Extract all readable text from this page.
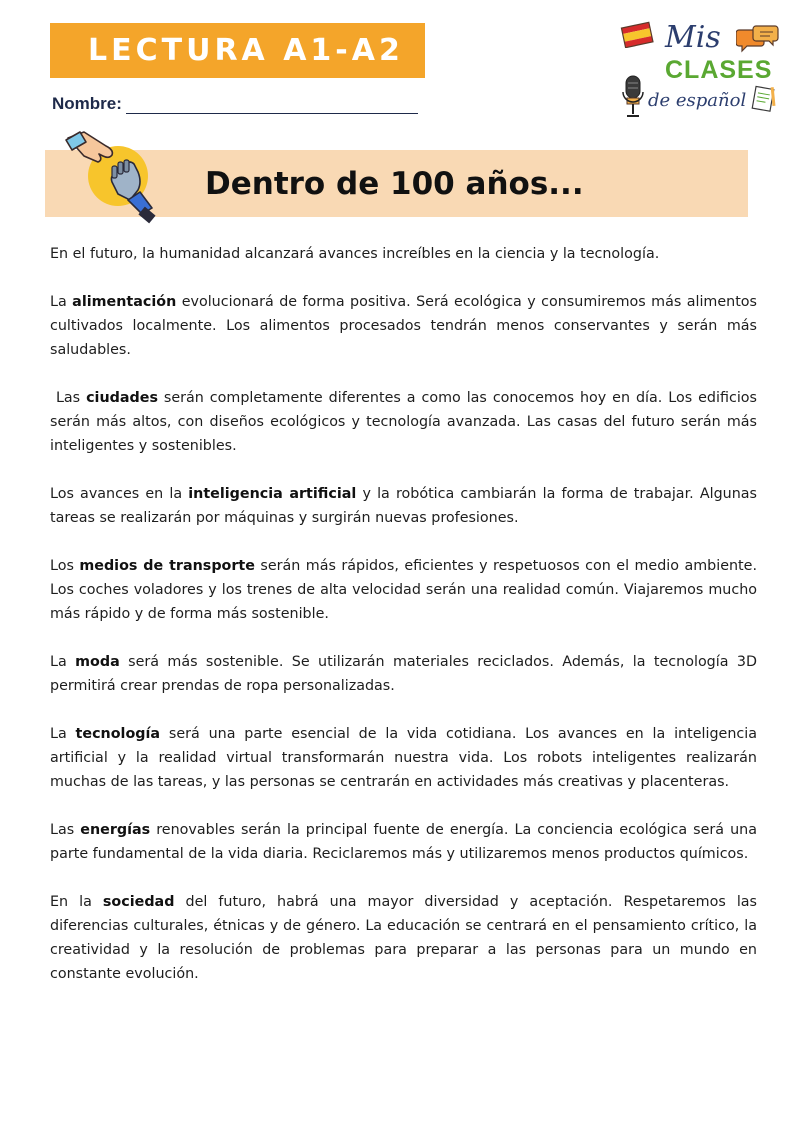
LECTURA A1-A2
Nombre:
Mis
CLASES
de español
Dentro de 100 años...

En el futuro, la humanidad alcanzará avances increíbles en la ciencia y la tecnología.

La alimentación evolucionará de forma positiva. Será ecológica y consumiremos más alimentos cultivados localmente. Los alimentos procesados tendrán menos conservantes y serán más saludables.

Las ciudades serán completamente diferentes a como las conocemos hoy en día. Los edificios serán más altos, con diseños ecológicos y tecnología avanzada. Las casas del futuro serán más inteligentes y sostenibles.

Los avances en la inteligencia artificial y la robótica cambiarán la forma de trabajar. Algunas tareas se realizarán por máquinas y surgirán nuevas profesiones.

Los medios de transporte serán más rápidos, eficientes y respetuosos con el medio ambiente. Los coches voladores y los trenes de alta velocidad serán una realidad común. Viajaremos mucho más rápido y de forma más sostenible.

La moda será más sostenible. Se utilizarán materiales reciclados. Además, la tecnología 3D permitirá crear prendas de ropa personalizadas.

La tecnología será una parte esencial de la vida cotidiana. Los avances en la inteligencia artificial y la realidad virtual transformarán nuestra vida. Los robots inteligentes realizarán muchas de las tareas, y las personas se centrarán en actividades más creativas y placenteras.

Las energías renovables serán la principal fuente de energía. La conciencia ecológica será una parte fundamental de la vida diaria. Reciclaremos más y utilizaremos menos productos químicos.

En la sociedad del futuro, habrá una mayor diversidad y aceptación. Respetaremos las diferencias culturales, étnicas y de género. La educación se centrará en el pensamiento crítico, la creatividad y la resolución de problemas para preparar a las personas para un mundo en constante evolución.
